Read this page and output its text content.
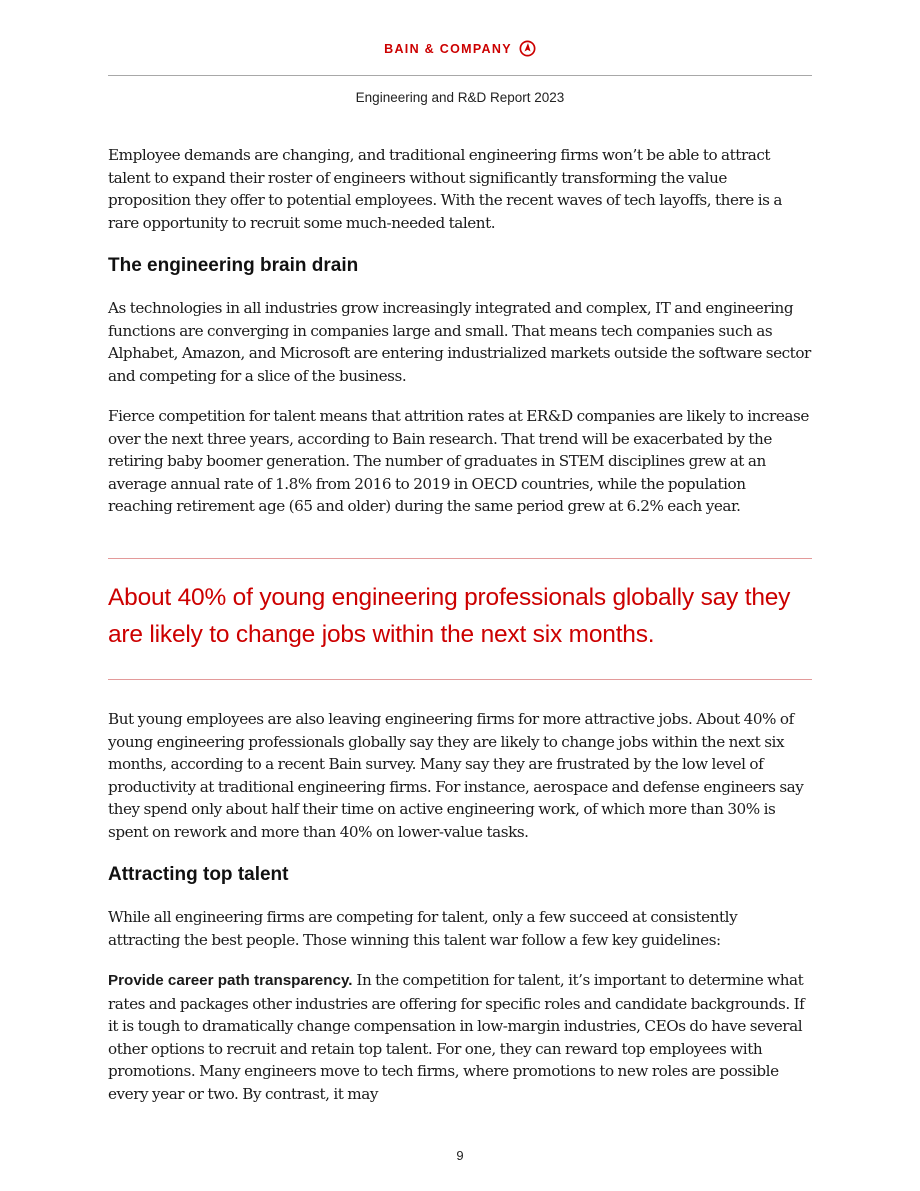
BAIN & COMPANY
Engineering and R&D Report 2023

Employee demands are changing, and traditional engineering firms won’t be able to attract talent to expand their roster of engineers without significantly transforming the value proposition they offer to potential employees. With the recent waves of tech layoffs, there is a rare opportunity to recruit some much-needed talent.

The engineering brain drain

As technologies in all industries grow increasingly integrated and complex, IT and engineering functions are converging in companies large and small. That means tech companies such as Alphabet, Amazon, and Microsoft are entering industrialized markets outside the software sector and competing for a slice of the business.

Fierce competition for talent means that attrition rates at ER&D companies are likely to increase over the next three years, according to Bain research. That trend will be exacerbated by the retiring baby boomer generation. The number of graduates in STEM disciplines grew at an average annual rate of 1.8% from 2016 to 2019 in OECD countries, while the population reaching retirement age (65 and older) during the same period grew at 6.2% each year.

About 40% of young engineering professionals globally say they are likely to change jobs within the next six months.

But young employees are also leaving engineering firms for more attractive jobs. About 40% of young engineering professionals globally say they are likely to change jobs within the next six months, according to a recent Bain survey. Many say they are frustrated by the low level of productivity at traditional engineering firms. For instance, aerospace and defense engineers say they spend only about half their time on active engineering work, of which more than 30% is spent on rework and more than 40% on lower-value tasks.

Attracting top talent

While all engineering firms are competing for talent, only a few succeed at consistently attracting the best people. Those winning this talent war follow a few key guidelines:

Provide career path transparency. In the competition for talent, it’s important to determine what rates and packages other industries are offering for specific roles and candidate backgrounds. If it is tough to dramatically change compensation in low-margin industries, CEOs do have several other options to recruit and retain top talent. For one, they can reward top employees with promotions. Many engineers move to tech firms, where promotions to new roles are possible every year or two. By contrast, it may

9
